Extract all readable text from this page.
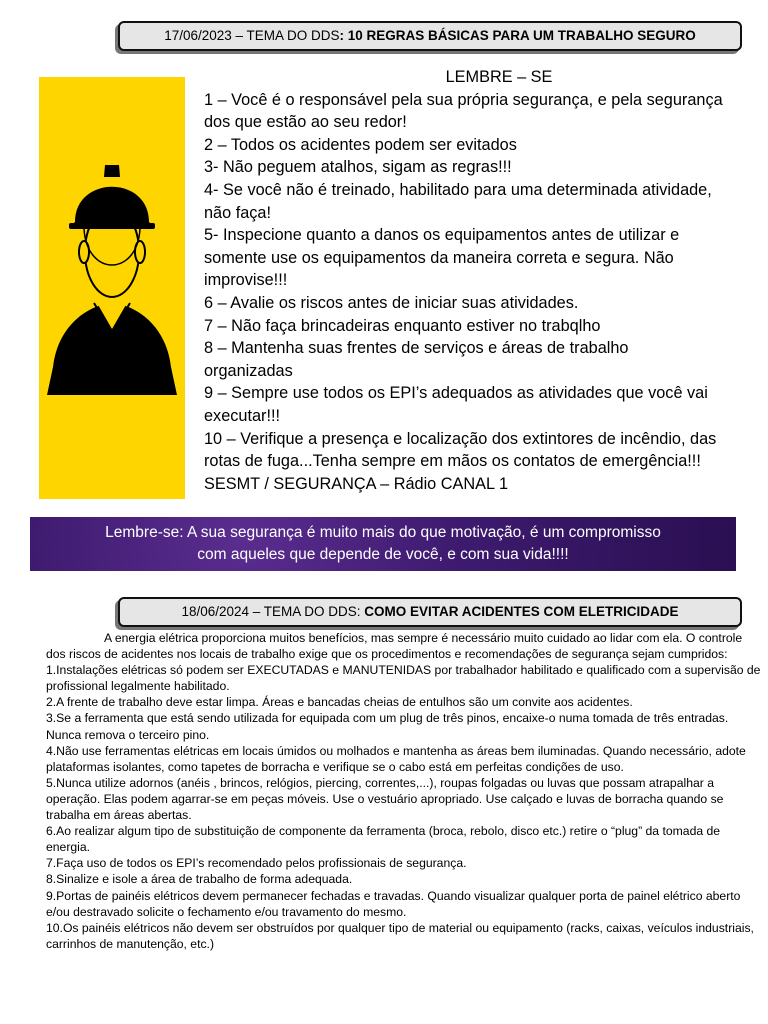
17/06/2023 – TEMA DO DDS: 10 REGRAS BÁSICAS PARA UM TRABALHO SEGURO
LEMBRE – SE
1 – Você é o responsável pela sua própria segurança, e pela segurança
dos que estão ao seu redor!
2 – Todos os acidentes podem ser evitados
3- Não peguem atalhos, sigam as regras!!!
4- Se você não é treinado, habilitado para uma determinada atividade,
não faça!
5- Inspecione quanto a danos os equipamentos antes de utilizar e
somente use os equipamentos da maneira correta e segura. Não
improvise!!!
6 – Avalie os riscos antes de iniciar suas atividades.
7 – Não faça brincadeiras enquanto estiver no trabqlho
8 – Mantenha suas frentes de serviços e áreas de trabalho
organizadas
9 – Sempre use todos os EPI’s adequados as atividades que você vai
executar!!!
10 – Verifique a presença e localização dos extintores de incêndio, das
rotas de fuga...Tenha sempre em mãos os contatos de emergência!!!
SESMT / SEGURANÇA – Rádio CANAL 1
Lembre-se: A sua segurança é muito mais do que motivação, é um compromisso
com aqueles que depende de você, e com sua vida!!!!
18/06/2024 – TEMA DO DDS: COMO EVITAR ACIDENTES COM ELETRICIDADE

A energia elétrica proporciona muitos benefícios, mas sempre é necessário muito cuidado ao lidar com ela. O controle dos riscos de acidentes nos locais de trabalho exige que os procedimentos e recomendações de segurança sejam cumpridos:

1.Instalações elétricas só podem ser EXECUTADAS e MANUTENIDAS por trabalhador habilitado e qualificado com a supervisão de profissional legalmente habilitado.

2.A frente de trabalho deve estar limpa. Áreas e bancadas cheias de entulhos são um convite aos acidentes.

3.Se a ferramenta que está sendo utilizada for equipada com um plug de três pinos, encaixe-o numa tomada de três entradas. Nunca remova o terceiro pino.

4.Não use ferramentas elétricas em locais úmidos ou molhados e mantenha as áreas bem iluminadas. Quando necessário, adote plataformas isolantes, como tapetes de borracha e verifique se o cabo está em perfeitas condições de uso.

5.Nunca utilize adornos (anéis , brincos, relógios, piercing, correntes,...), roupas folgadas ou luvas que possam atrapalhar a operação. Elas podem agarrar-se em peças móveis. Use o vestuário apropriado. Use calçado e luvas de borracha quando se trabalha em áreas abertas.

6.Ao realizar algum tipo de substituição de componente da ferramenta (broca, rebolo, disco etc.) retire o “plug” da tomada de energia.

7.Faça uso de todos os EPI’s recomendado pelos profissionais de segurança.

8.Sinalize e isole a área de trabalho de forma adequada.

9.Portas de painéis elétricos devem permanecer fechadas e travadas. Quando visualizar qualquer porta de painel elétrico aberto e/ou destravado solicite o fechamento e/ou travamento do mesmo.

10.Os painéis elétricos não devem ser obstruídos por qualquer tipo de material ou equipamento (racks, caixas, veículos industriais, carrinhos de manutenção, etc.)
